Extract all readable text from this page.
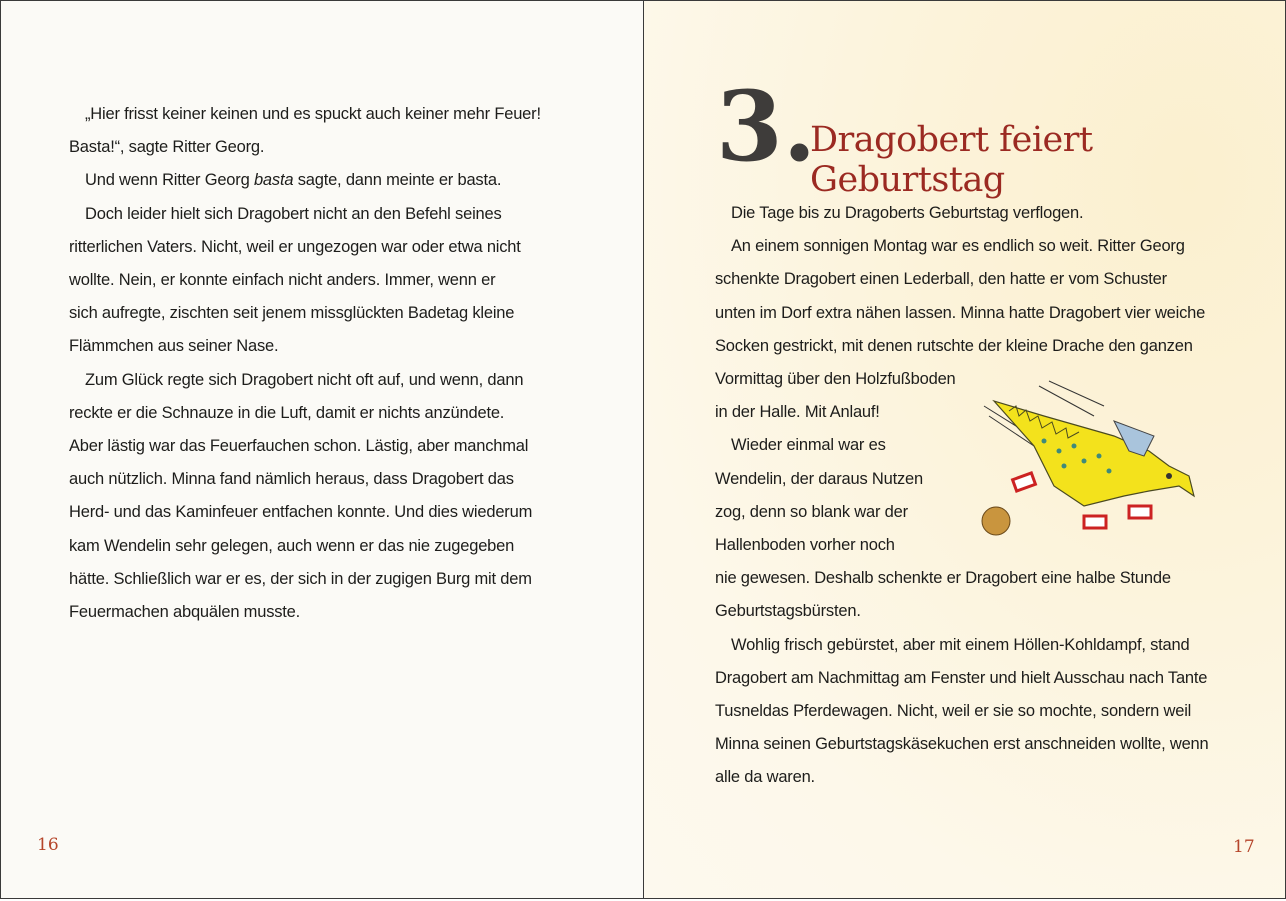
„Hier frisst keiner keinen und es spuckt auch keiner mehr Feuer!
Basta!“, sagte Ritter Georg.
Und wenn Ritter Georg basta sagte, dann meinte er basta.
Doch leider hielt sich Dragobert nicht an den Befehl seines
ritterlichen Vaters. Nicht, weil er ungezogen war oder etwa nicht
wollte. Nein, er konnte einfach nicht anders. Immer, wenn er
sich aufregte, zischten seit jenem missglückten Badetag kleine
Flämmchen aus seiner Nase.
Zum Glück regte sich Dragobert nicht oft auf, und wenn, dann
reckte er die Schnauze in die Luft, damit er nichts anzündete.
Aber lästig war das Feuerfauchen schon. Lästig, aber manchmal
auch nützlich. Minna fand nämlich heraus, dass Dragobert das
Herd- und das Kaminfeuer entfachen konnte. Und dies wiederum
kam Wendelin sehr gelegen, auch wenn er das nie zugegeben
hätte. Schließlich war er es, der sich in der zugigen Burg mit dem
Feuermachen abquälen musste.
16
3.
Dragobert feiert Geburtstag
Die Tage bis zu Dragoberts Geburtstag verflogen.
An einem sonnigen Montag war es endlich so weit. Ritter Georg
schenkte Dragobert einen Lederball, den hatte er vom Schuster
unten im Dorf extra nähen lassen. Minna hatte Dragobert vier weiche
Socken gestrickt, mit denen rutschte der kleine Drache den ganzen
Vormittag über den Holzfußboden
in der Halle. Mit Anlauf!
Wieder einmal war es
Wendelin, der daraus Nutzen
zog, denn so blank war der
Hallenboden vorher noch
nie gewesen. Deshalb schenkte er Dragobert eine halbe Stunde
Geburtstagsbürsten.
Wohlig frisch gebürstet, aber mit einem Höllen-Kohldampf, stand
Dragobert am Nachmittag am Fenster und hielt Ausschau nach Tante
Tusneldas Pferdewagen. Nicht, weil er sie so mochte, sondern weil
Minna seinen Geburtstagskäsekuchen erst anschneiden wollte, wenn
alle da waren.
17
